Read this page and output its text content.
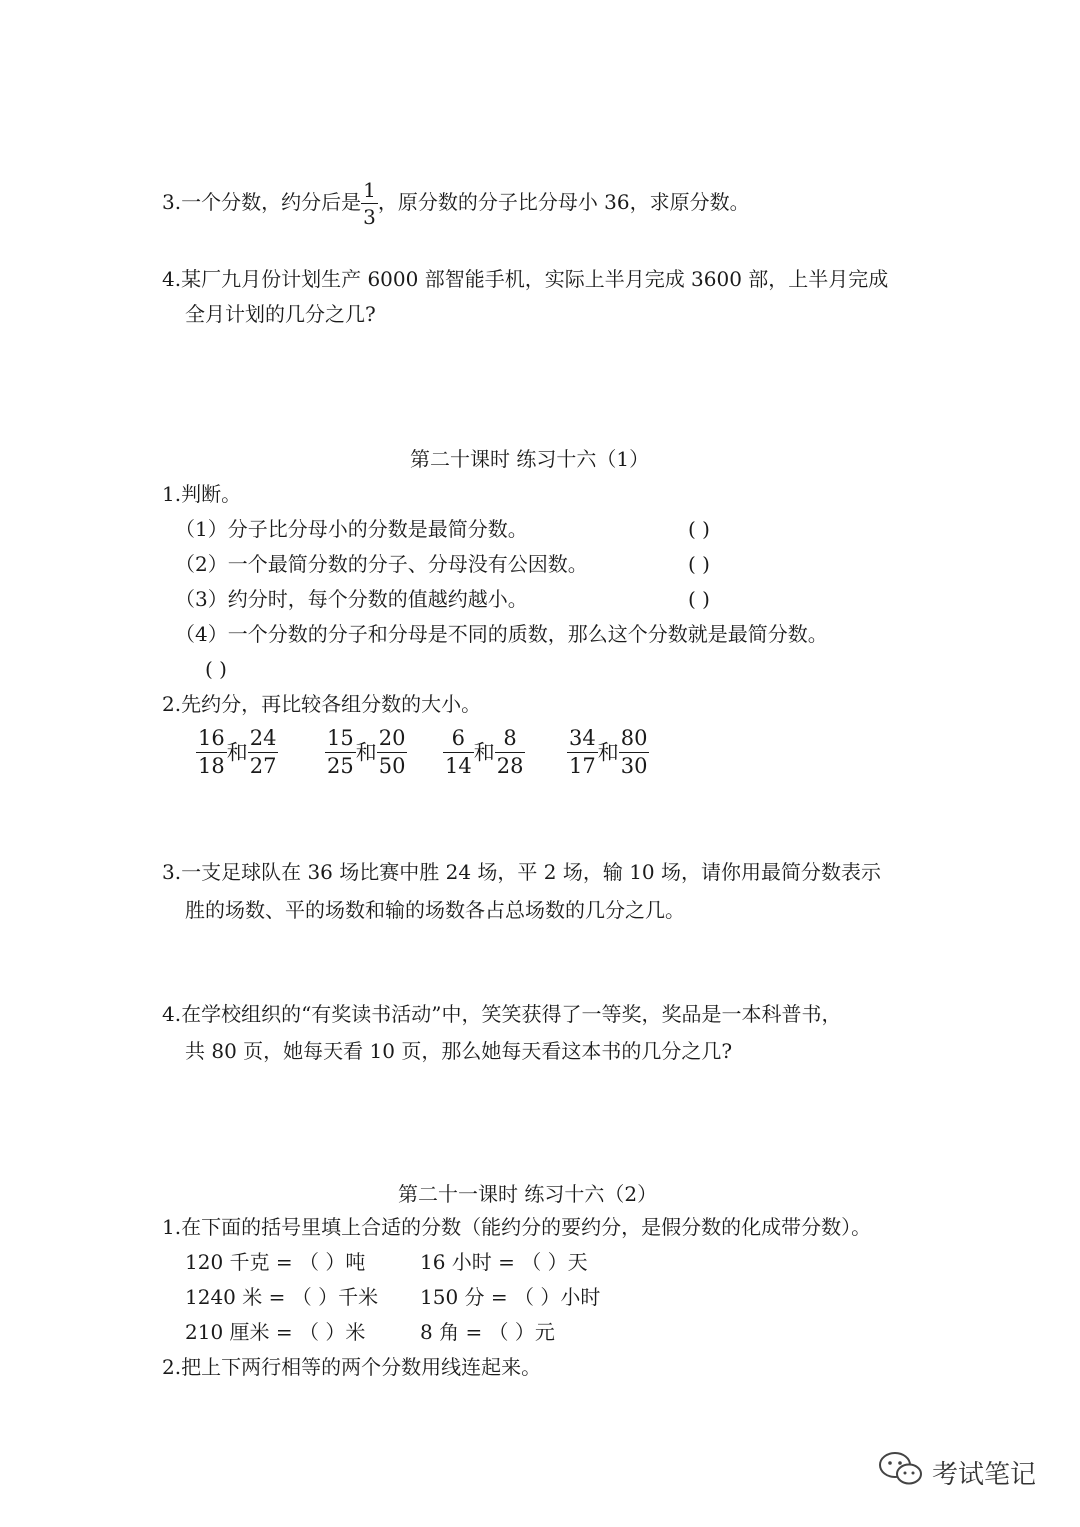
3.一个分数，约分后是 $\frac{1}{3}$ ，原分数的分子比分母小 36，求原分数。
4.某厂九月份计划生产 6000 部智能手机，实际上半月完成 3600 部，上半月完成
全月计划的几分之几?
第二十课时 练习十六（1）
1.判断。
（1）分子比分母小的分数是最简分数。	( )
（2）一个最简分数的分子、分母没有公因数。	( )
（3）约分时，每个分数的值越约越小。	( )
（4）一个分数的分子和分母是不同的质数，那么这个分数就是最简分数。
( )
2.先约分，再比较各组分数的大小。
$\frac{16}{18}$ 和 $\frac{24}{27} \frac{15}{25}$ 和 $\frac{20}{50} \frac{6}{14}$ 和 $\frac{8}{28} \frac{34}{17}$ 和 $\frac{80}{30}$
3.一支足球队在 36 场比赛中胜 24 场，平 2 场，输 10 场，请你用最简分数表示
胜的场数、平的场数和输的场数各占总场数的几分之几。
4.在学校组织的“有奖读书活动”中，笑笑获得了一等奖，奖品是一本科普书，
共 80 页，她每天看 10 页，那么她每天看这本书的几分之几?
第二十一课时 练习十六（2）
1.在下面的括号里填上合适的分数（能约分的要约分，是假分数的化成带分数）。
120 千克 = （ ）吨	16 小时 = （ ）天
1240 米 = （ ）千米 150 分 = （ ）小时
210 厘米 = （ ）米	8 角 = （ ）元
2.把上下两行相等的两个分数用线连起来。
考试笔记
